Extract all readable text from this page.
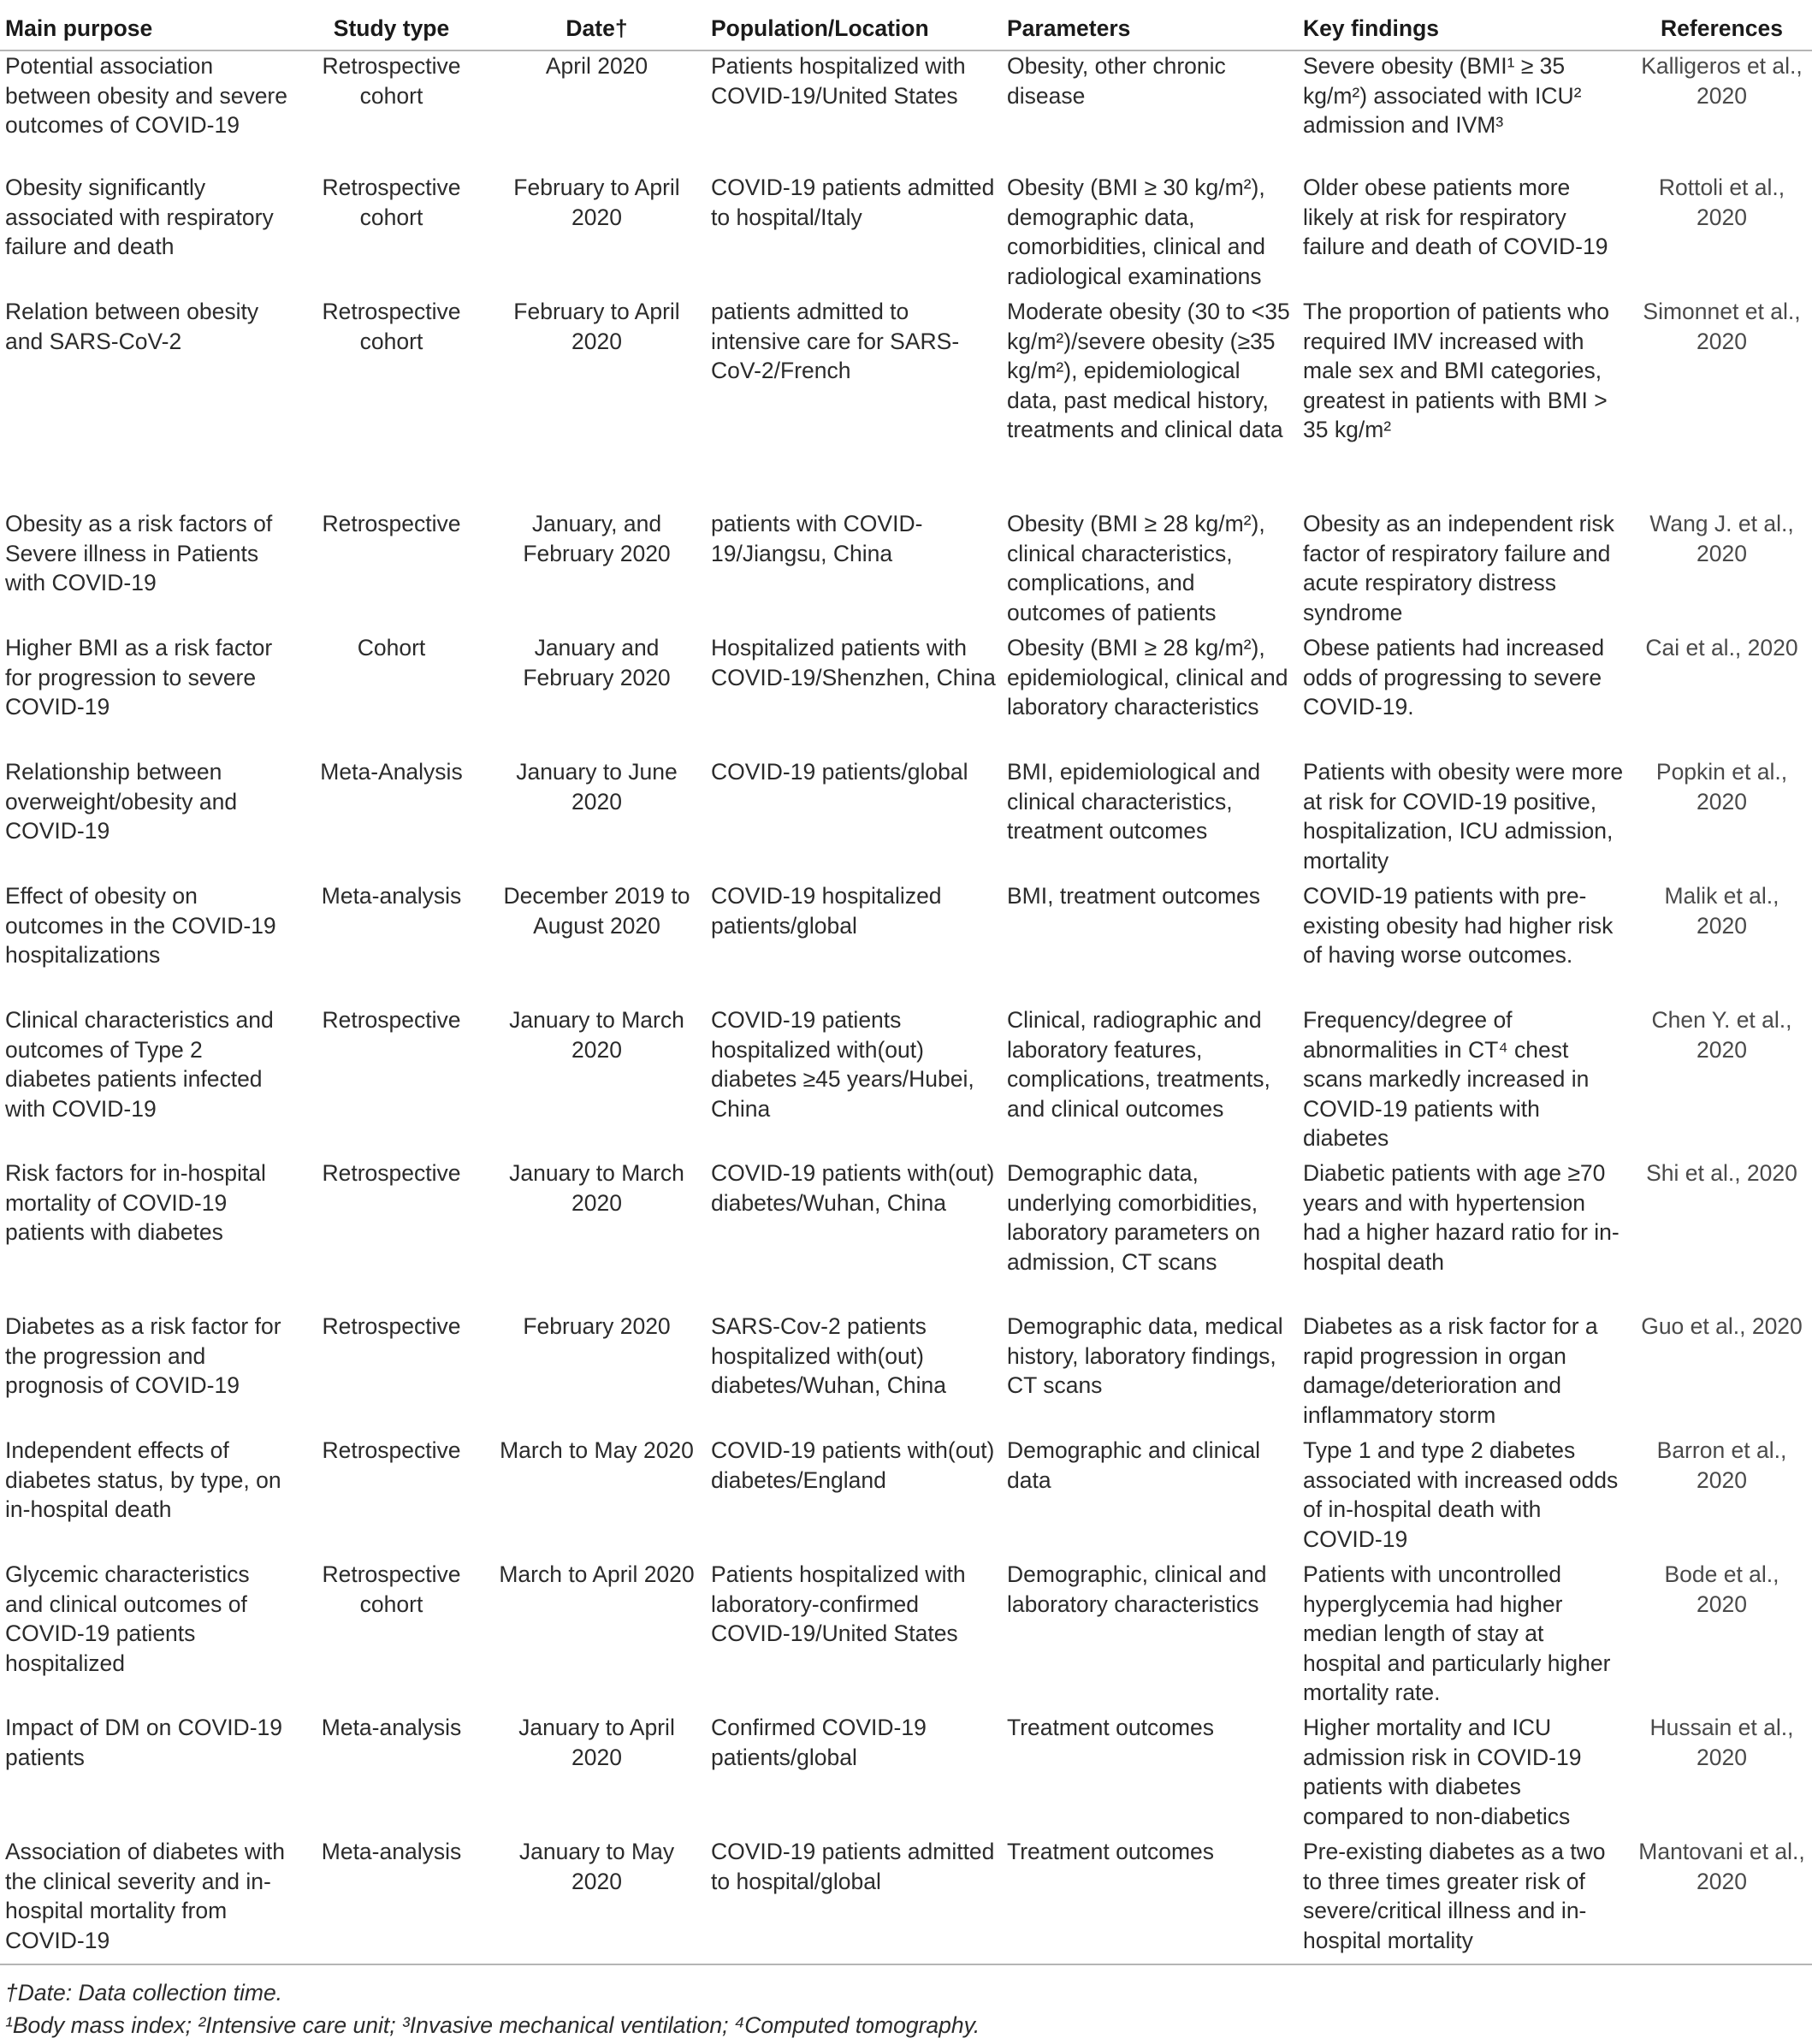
Main purpose	Study type	Date†	Population/Location	Parameters	Key findings	References
Potential association between obesity and severe outcomes of COVID-19	Retrospective cohort	April 2020	Patients hospitalized with COVID-19/United States	Obesity, other chronic disease	Severe obesity (BMI¹ ≥ 35 kg/m²) associated with ICU² admission and IVM³	Kalligeros et al., 2020
Obesity significantly associated with respiratory failure and death	Retrospective cohort	February to April 2020	COVID-19 patients admitted to hospital/Italy	Obesity (BMI ≥ 30 kg/m²), demographic data, comorbidities, clinical and radiological examinations	Older obese patients more likely at risk for respiratory failure and death of COVID-19	Rottoli et al., 2020
Relation between obesity and SARS-CoV-2	Retrospective cohort	February to April 2020	patients admitted to intensive care for SARS-CoV-2/French	Moderate obesity (30 to <35 kg/m²)/severe obesity (≥35 kg/m²), epidemiological data, past medical history, treatments and clinical data	The proportion of patients who required IMV increased with male sex and BMI categories, greatest in patients with BMI > 35 kg/m²	Simonnet et al., 2020
Obesity as a risk factors of Severe illness in Patients with COVID-19	Retrospective	January, and February 2020	patients with COVID-19/Jiangsu, China	Obesity (BMI ≥ 28 kg/m²), clinical characteristics, complications, and outcomes of patients	Obesity as an independent risk factor of respiratory failure and acute respiratory distress syndrome	Wang J. et al., 2020
Higher BMI as a risk factor for progression to severe COVID-19	Cohort	January and February 2020	Hospitalized patients with COVID-19/Shenzhen, China	Obesity (BMI ≥ 28 kg/m²), epidemiological, clinical and laboratory characteristics	Obese patients had increased odds of progressing to severe COVID-19.	Cai et al., 2020
Relationship between overweight/obesity and COVID-19	Meta-Analysis	January to June 2020	COVID-19 patients/global	BMI, epidemiological and clinical characteristics, treatment outcomes	Patients with obesity were more at risk for COVID-19 positive, hospitalization, ICU admission, mortality	Popkin et al., 2020
Effect of obesity on outcomes in the COVID-19 hospitalizations	Meta-analysis	December 2019 to August 2020	COVID-19 hospitalized patients/global	BMI, treatment outcomes	COVID-19 patients with pre-existing obesity had higher risk of having worse outcomes.	Malik et al., 2020
Clinical characteristics and outcomes of Type 2 diabetes patients infected with COVID-19	Retrospective	January to March 2020	COVID-19 patients hospitalized with(out) diabetes ≥45 years/Hubei, China	Clinical, radiographic and laboratory features, complications, treatments, and clinical outcomes	Frequency/degree of abnormalities in CT⁴ chest scans markedly increased in COVID-19 patients with diabetes	Chen Y. et al., 2020
Risk factors for in-hospital mortality of COVID-19 patients with diabetes	Retrospective	January to March 2020	COVID-19 patients with(out) diabetes/Wuhan, China	Demographic data, underlying comorbidities, laboratory parameters on admission, CT scans	Diabetic patients with age ≥70 years and with hypertension had a higher hazard ratio for in-hospital death	Shi et al., 2020
Diabetes as a risk factor for the progression and prognosis of COVID-19	Retrospective	February 2020	SARS-Cov-2 patients hospitalized with(out) diabetes/Wuhan, China	Demographic data, medical history, laboratory findings, CT scans	Diabetes as a risk factor for a rapid progression in organ damage/deterioration and inflammatory storm	Guo et al., 2020
Independent effects of diabetes status, by type, on in-hospital death	Retrospective	March to May 2020	COVID-19 patients with(out) diabetes/England	Demographic and clinical data	Type 1 and type 2 diabetes associated with increased odds of in-hospital death with COVID-19	Barron et al., 2020
Glycemic characteristics and clinical outcomes of COVID-19 patients hospitalized	Retrospective cohort	March to April 2020	Patients hospitalized with laboratory-confirmed COVID-19/United States	Demographic, clinical and laboratory characteristics	Patients with uncontrolled hyperglycemia had higher median length of stay at hospital and particularly higher mortality rate.	Bode et al., 2020
Impact of DM on COVID-19 patients	Meta-analysis	January to April 2020	Confirmed COVID-19 patients/global	Treatment outcomes	Higher mortality and ICU admission risk in COVID-19 patients with diabetes compared to non-diabetics	Hussain et al., 2020
Association of diabetes with the clinical severity and in-hospital mortality from COVID-19	Meta-analysis	January to May 2020	COVID-19 patients admitted to hospital/global	Treatment outcomes	Pre-existing diabetes as a two to three times greater risk of severe/critical illness and in-hospital mortality	Mantovani et al., 2020
†Date: Data collection time.
¹Body mass index; ²Intensive care unit; ³Invasive mechanical ventilation; ⁴Computed tomography.
